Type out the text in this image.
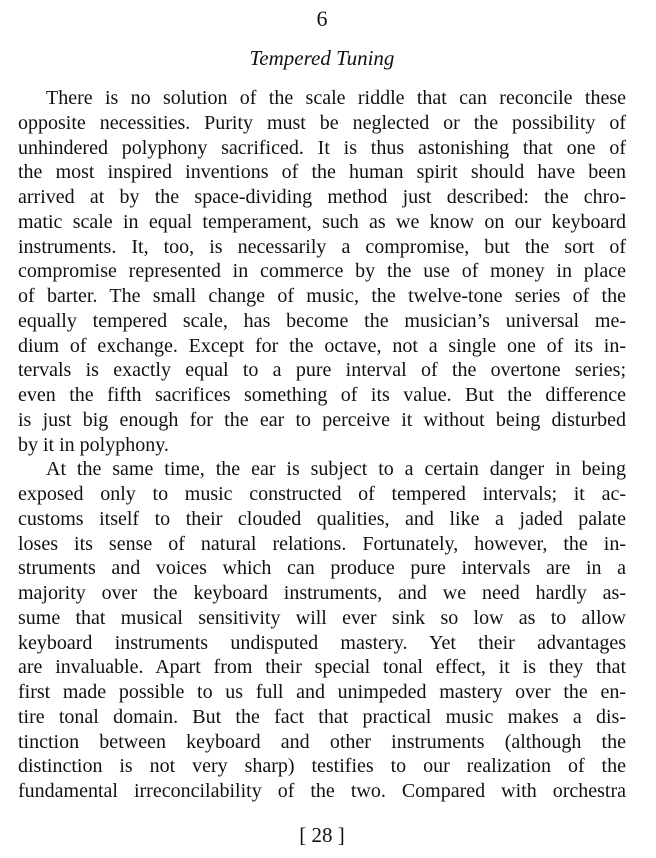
6
Tempered Tuning
There is no solution of the scale riddle that can reconcile these
opposite necessities. Purity must be neglected or the possibility of
unhindered polyphony sacrificed. It is thus astonishing that one of
the most inspired inventions of the human spirit should have been
arrived at by the space-dividing method just described: the chro-
matic scale in equal temperament, such as we know on our keyboard
instruments. It, too, is necessarily a compromise, but the sort of
compromise represented in commerce by the use of money in place
of barter. The small change of music, the twelve-tone series of the
equally tempered scale, has become the musician’s universal me-
dium of exchange. Except for the octave, not a single one of its in-
tervals is exactly equal to a pure interval of the overtone series;
even the fifth sacrifices something of its value. But the difference
is just big enough for the ear to perceive it without being disturbed
by it in polyphony.
At the same time, the ear is subject to a certain danger in being
exposed only to music constructed of tempered intervals; it ac-
customs itself to their clouded qualities, and like a jaded palate
loses its sense of natural relations. Fortunately, however, the in-
struments and voices which can produce pure intervals are in a
majority over the keyboard instruments, and we need hardly as-
sume that musical sensitivity will ever sink so low as to allow
keyboard instruments undisputed mastery. Yet their advantages
are invaluable. Apart from their special tonal effect, it is they that
first made possible to us full and unimpeded mastery over the en-
tire tonal domain. But the fact that practical music makes a dis-
tinction between keyboard and other instruments (although the
distinction is not very sharp) testifies to our realization of the
fundamental irreconcilability of the two. Compared with orchestra
[ 28 ]
